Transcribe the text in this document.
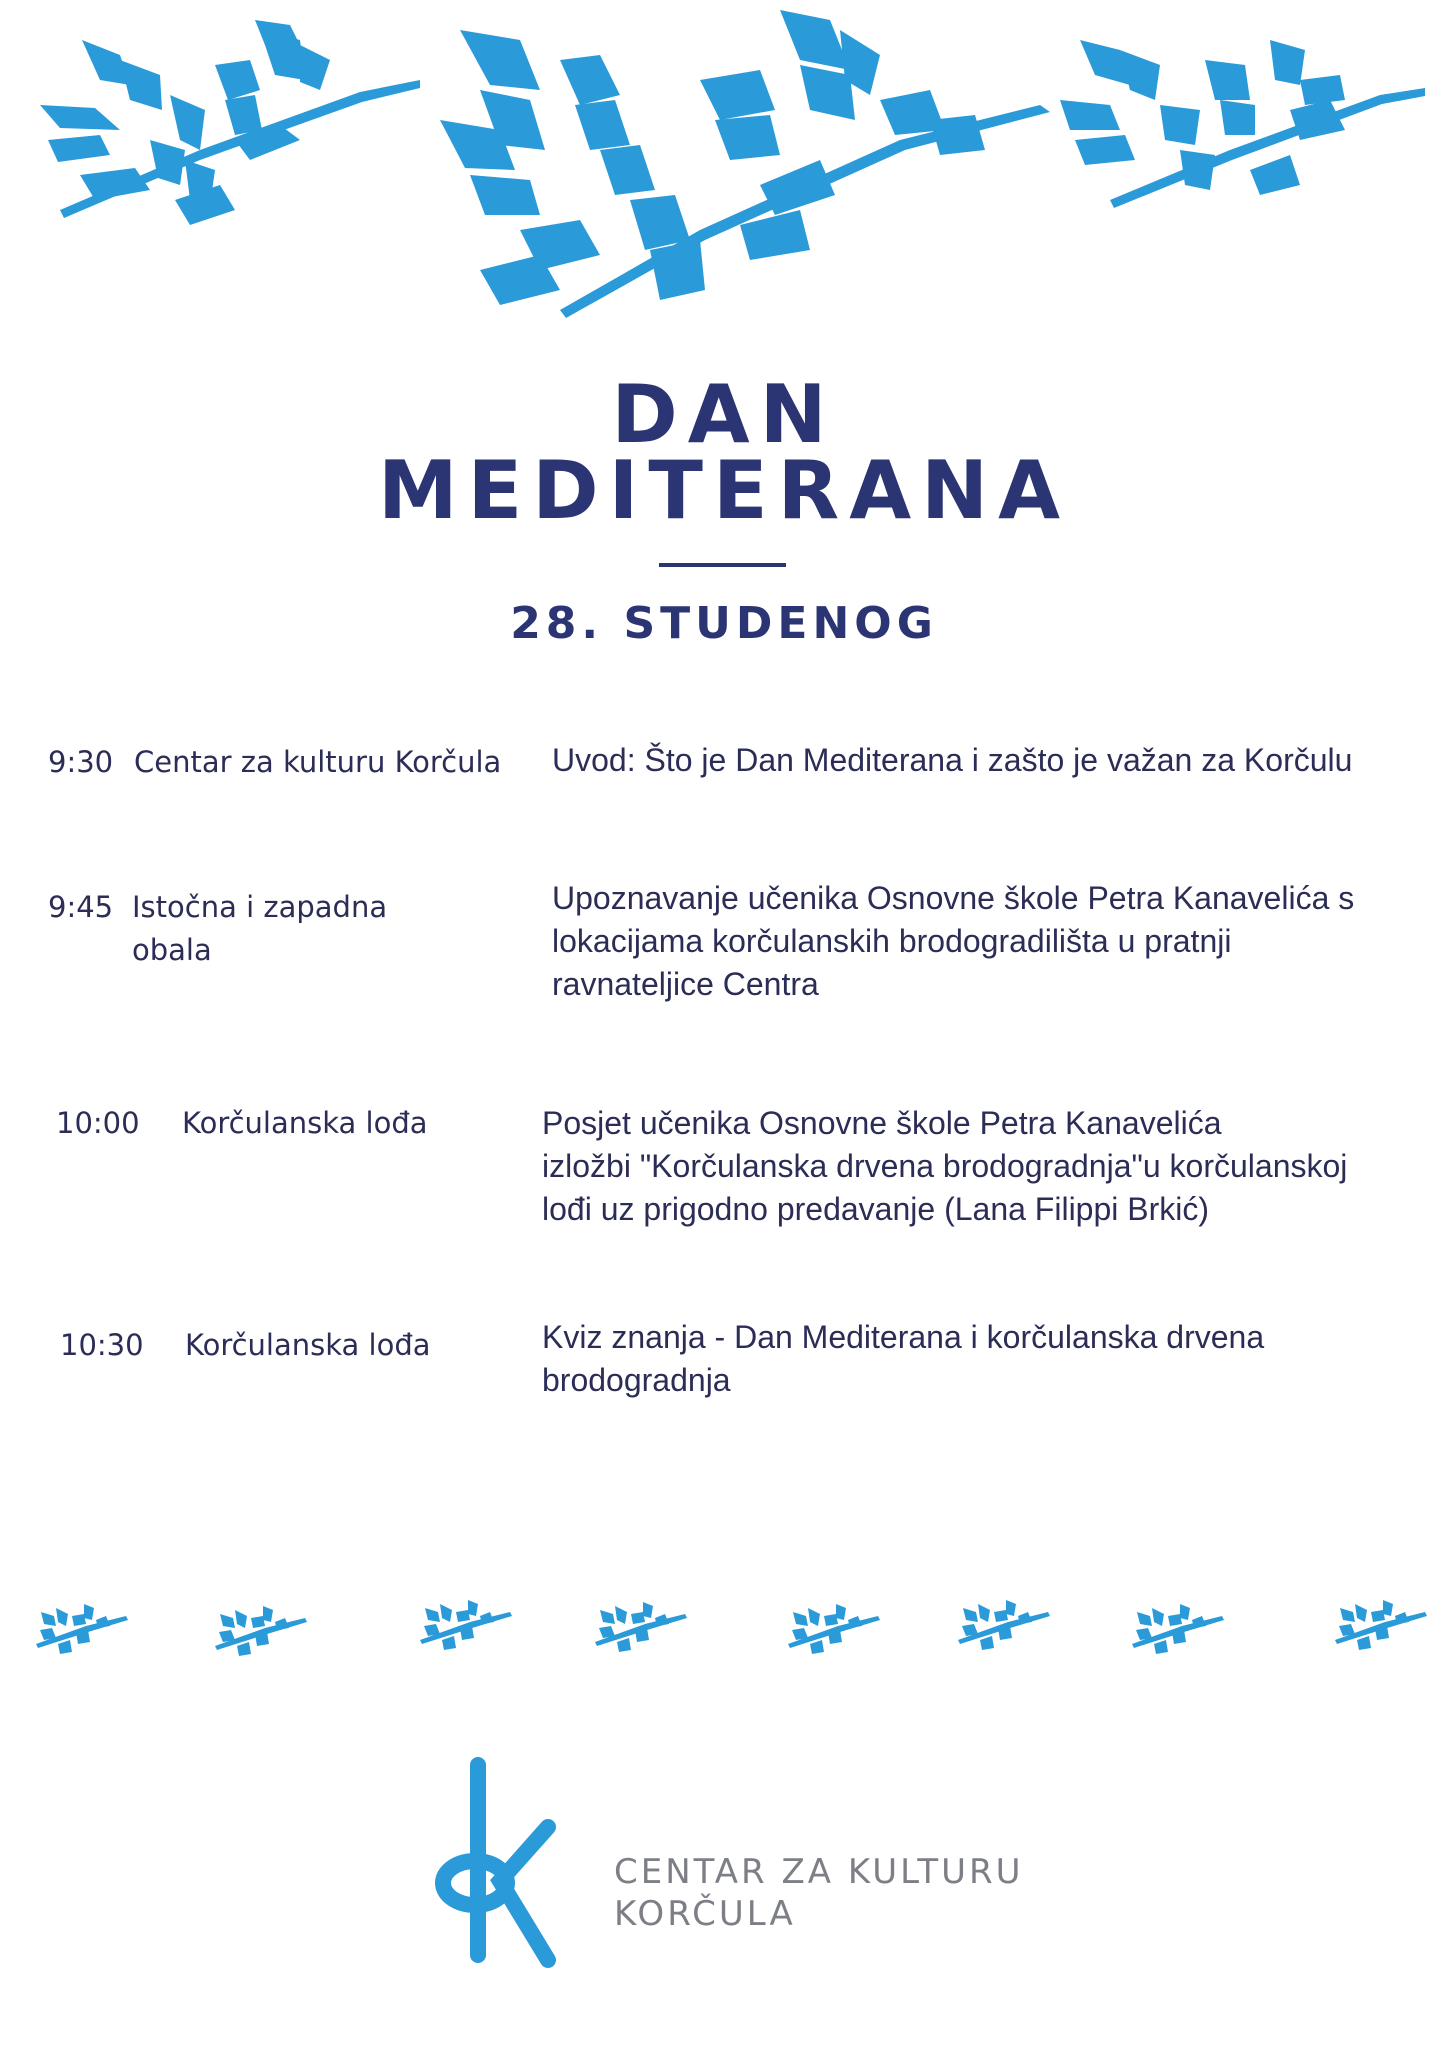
DAN
MEDITERANA
28. STUDENOG
9:30 Centar za kulturu Korčula Uvod: Što je Dan Mediterana i zašto je važan za Korčulu
9:45 Istočna i zapadna
obala
Upoznavanje učenika Osnovne škole Petra Kanavelića s
lokacijama korčulanskih brodogradilišta u pratnji
ravnateljice Centra
10:00 Korčulanska lođa	Posjet učenika Osnovne škole Petra Kanavelića
izložbi "Korčulanska drvena brodogradnja"u korčulanskoj
lođi uz prigodno predavanje (Lana Filippi Brkić)
10:30 Korčulanska lođa	Kviz znanja - Dan Mediterana i korčulanska drvena
brodogradnja
CENTAR ZA KULTURU
KORČULA
